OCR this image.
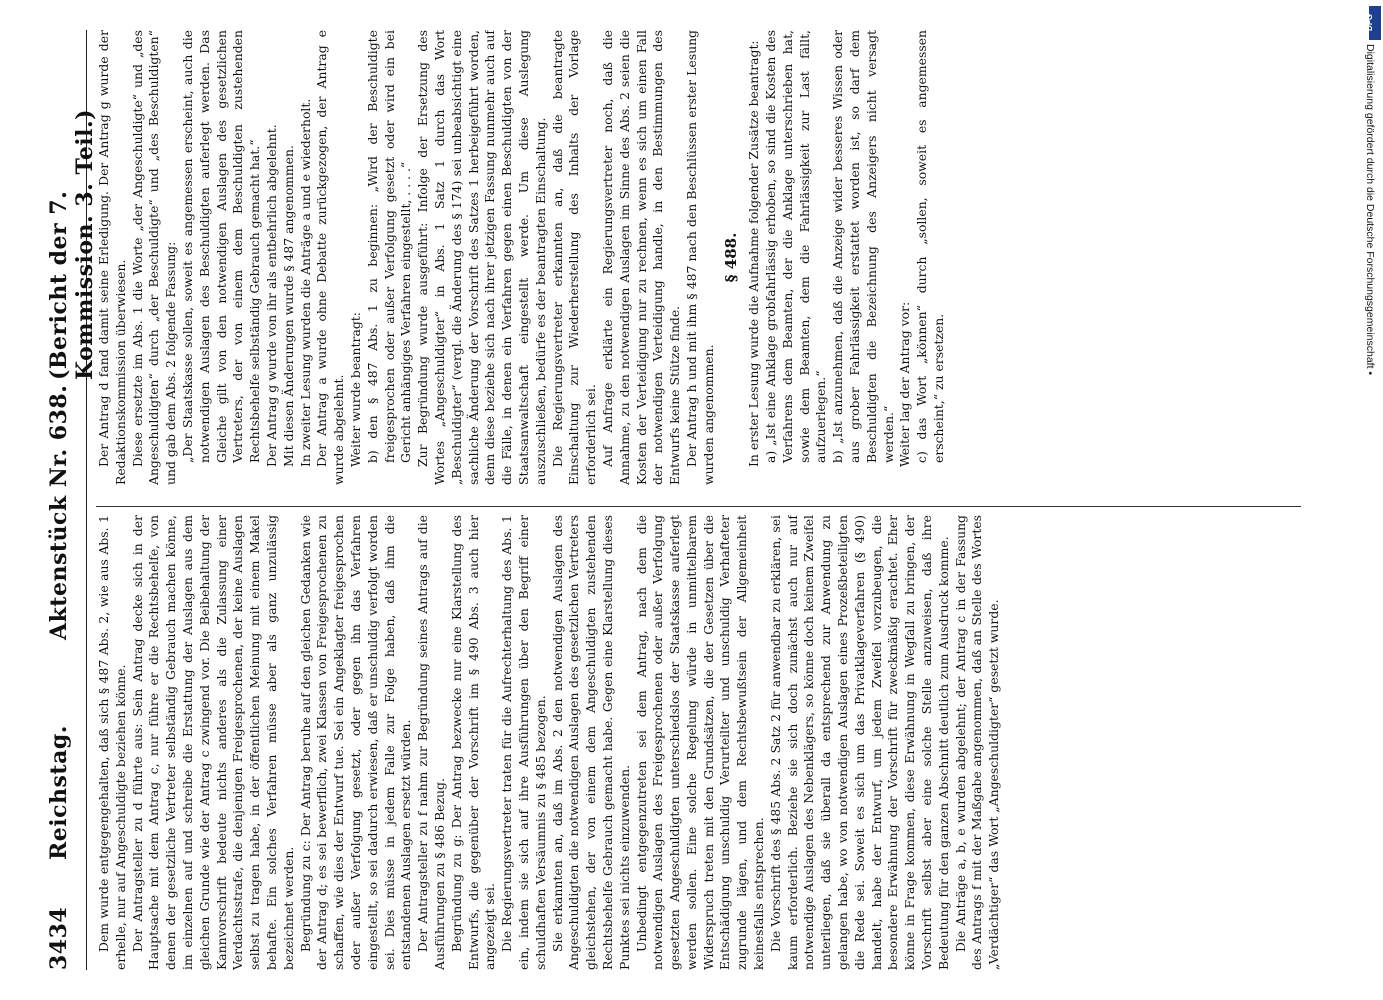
3434
Reichstag.
Aktenstück Nr. 638.
(Bericht der 7. Kommission. 3. Teil.)

Dem wurde entgegengehalten, daß sich § 487 Abs. 2, wie aus Abs. 1 erhelle, nur auf Angeschuldigte beziehen könne. Der Antragsteller zu d führte aus: Sein Antrag decke sich in der Hauptsache mit dem Antrag c, nur führe er die Rechtsbehelfe, von denen der gesetzliche Vertreter selbständig Gebrauch machen könne, im einzelnen auf und schreibe die Erstattung der Auslagen aus dem gleichen Grunde wie der Antrag c zwingend vor. Die Beibehaltung der Kannvorschrift bedeute nichts anderes als die Zulassung einer Verdachtsstrafe, die denjenigen Freigesprochenen, der keine Auslagen selbst zu tragen habe, in der öffentlichen Meinung mit einem Makel behafte. Ein solches Verfahren müsse aber als ganz unzulässig bezeichnet werden. Begründung zu c: Der Antrag beruhe auf den gleichen Gedanken wie der Antrag d; es sei bewerflich, zwei Klassen von Freigesprochenen zu schaffen, wie dies der Entwurf tue. Sei ein Angeklagter freigesprochen oder außer Verfolgung gesetzt, oder gegen ihn das Verfahren eingestellt, so sei dadurch erwiesen, daß er unschuldig verfolgt worden sei. Dies müsse in jedem Falle zur Folge haben, daß ihm die entstandenen Auslagen ersetzt würden. Der Antragsteller zu f nahm zur Begründung seines Antrags auf die Ausführungen zu § 486 Bezug. Begründung zu g: Der Antrag bezwecke nur eine Klarstellung des Entwurfs, die gegenüber der Vorschrift im § 490 Abs. 3 auch hier angezeigt sei. Die Regierungsvertreter traten für die Aufrechterhaltung des Abs. 1 ein, indem sie sich auf ihre Ausführungen über den Begriff einer schuldhaften Versäumnis zu § 485 bezogen. Sie erkannten an, daß im Abs. 2 den notwendigen Auslagen des Angeschuldigten die notwendigen Auslagen des gesetzlichen Vertreters gleichstehen, der von einem dem Angeschuldigten zustehenden Rechtsbehelfe Gebrauch gemacht habe. Gegen eine Klarstellung dieses Punktes sei nichts einzuwenden. Unbedingt entgegenzutreten sei dem Antrag, nach dem die notwendigen Auslagen des Freigesprochenen oder außer Verfolgung gesetzten Angeschuldigten unterschiedslos der Staatskasse auferlegt werden sollen. Eine solche Regelung würde in unmittelbarem Widerspruch treten mit den Grundsätzen, die der Gesetzen über die Entschädigung unschuldig Verurteilter und unschuldig Verhafteter zugrunde lägen, und dem Rechtsbewußtsein der Allgemeinheit keinesfalls entsprechen. Die Vorschrift des § 485 Abs. 2 Satz 2 für anwendbar zu erklären, sei kaum erforderlich. Beziehe sie sich doch zunächst auch nur auf notwendige Auslagen des Nebenklägers, so könne doch keinem Zweifel unterliegen, daß sie überall da entsprechend zur Anwendung zu gelangen habe, wo von notwendigen Auslagen eines Prozeßbeteiligten die Rede sei. Soweit es sich um das Privatklageverfahren (§ 490) handelt, habe der Entwurf, um jedem Zweifel vorzubeugen, die besondere Erwähnung der Vorschrift für zweckmäßig erachtet. Eher könne in Frage kommen, diese Erwähnung in Wegfall zu bringen, der Vorschrift selbst aber eine solche Stelle anzuweisen, daß ihre Bedeutung für den ganzen Abschnitt deutlich zum Ausdruck komme. Die Anträge a, b, e wurden abgelehnt; der Antrag c in der Fassung des Antrags f mit der Maßgabe angenommen, daß an Stelle des Wortes „Verdächtiger“ das Wort „Angeschuldigter“ gesetzt wurde.

Der Antrag d fand damit seine Erledigung. Der Antrag g wurde der Redaktionskommission überwiesen. Diese ersetzte im Abs. 1 die Worte „der Angeschuldigte“ und „des Angeschuldigten“ durch „der Beschuldigte“ und „des Beschuldigten“ und gab dem Abs. 2 folgende Fassung: „Der Staatskasse sollen, soweit es angemessen erscheint, auch die notwendigen Auslagen des Beschuldigten auferlegt werden. Das Gleiche gilt von den notwendigen Auslagen des gesetzlichen Vertreters, der von einem dem Beschuldigten zustehenden Rechtsbehelfe selbständig Gebrauch gemacht hat.“ Der Antrag g wurde von ihr als entbehrlich abgelehnt. Mit diesen Änderungen wurde § 487 angenommen. In zweiter Lesung wurden die Anträge a und e wiederholt. Der Antrag a wurde ohne Debatte zurückgezogen, der Antrag e wurde abgelehnt. Weiter wurde beantragt: b) den § 487 Abs. 1 zu beginnen: „Wird der Beschuldigte freigesprochen oder außer Verfolgung gesetzt oder wird ein bei Gericht anhängiges Verfahren eingestellt, . . . .“ Zur Begründung wurde ausgeführt: Infolge der Ersetzung des Wortes „Angeschuldigter“ in Abs. 1 Satz 1 durch das Wort „Beschuldigter“ (vergl. die Änderung des § 174) sei unbeabsichtigt eine sachliche Änderung der Vorschrift des Satzes 1 herbeigeführt worden, denn diese beziehe sich nach ihrer jetzigen Fassung nunmehr auch auf die Fälle, in denen ein Verfahren gegen einen Beschuldigten von der Staatsanwaltschaft eingestellt werde. Um diese Auslegung auszuschließen, bedürfe es der beantragten Einschaltung. Die Regierungsvertreter erkannten an, daß die beantragte Einschaltung zur Wiederherstellung des Inhalts der Vorlage erforderlich sei. Auf Anfrage erklärte ein Regierungsvertreter noch, daß die Annahme, zu den notwendigen Auslagen im Sinne des Abs. 2 seien die Kosten der Verteidigung nur zu rechnen, wenn es sich um einen Fall der notwendigen Verteidigung handle, in den Bestimmungen des Entwurfs keine Stütze finde. Der Antrag h und mit ihm § 487 nach den Beschlüssen erster Lesung wurden angenommen.

§ 488. In erster Lesung wurde die Aufnahme folgender Zusätze beantragt: a) „Ist eine Anklage grobfahrlässig erhoben, so sind die Kosten des Verfahrens dem Beamten, der die Anklage unterschrieben hat, sowie dem Beamten, dem die Fahrlässigkeit zur Last fällt, aufzuerlegen.“ b) „Ist anzunehmen, daß die Anzeige wider besseres Wissen oder aus grober Fahrlässigkeit erstattet worden ist, so darf dem Beschuldigten die Bezeichnung des Anzeigers nicht versagt werden.“ Weiter lag der Antrag vor: c) das Wort „können“ durch „sollen, soweit es angemessen erscheint,“ zu ersetzen.

DFG
Digitalisierung gefördert durch die Deutsche Forschungsgemeinschaft •
